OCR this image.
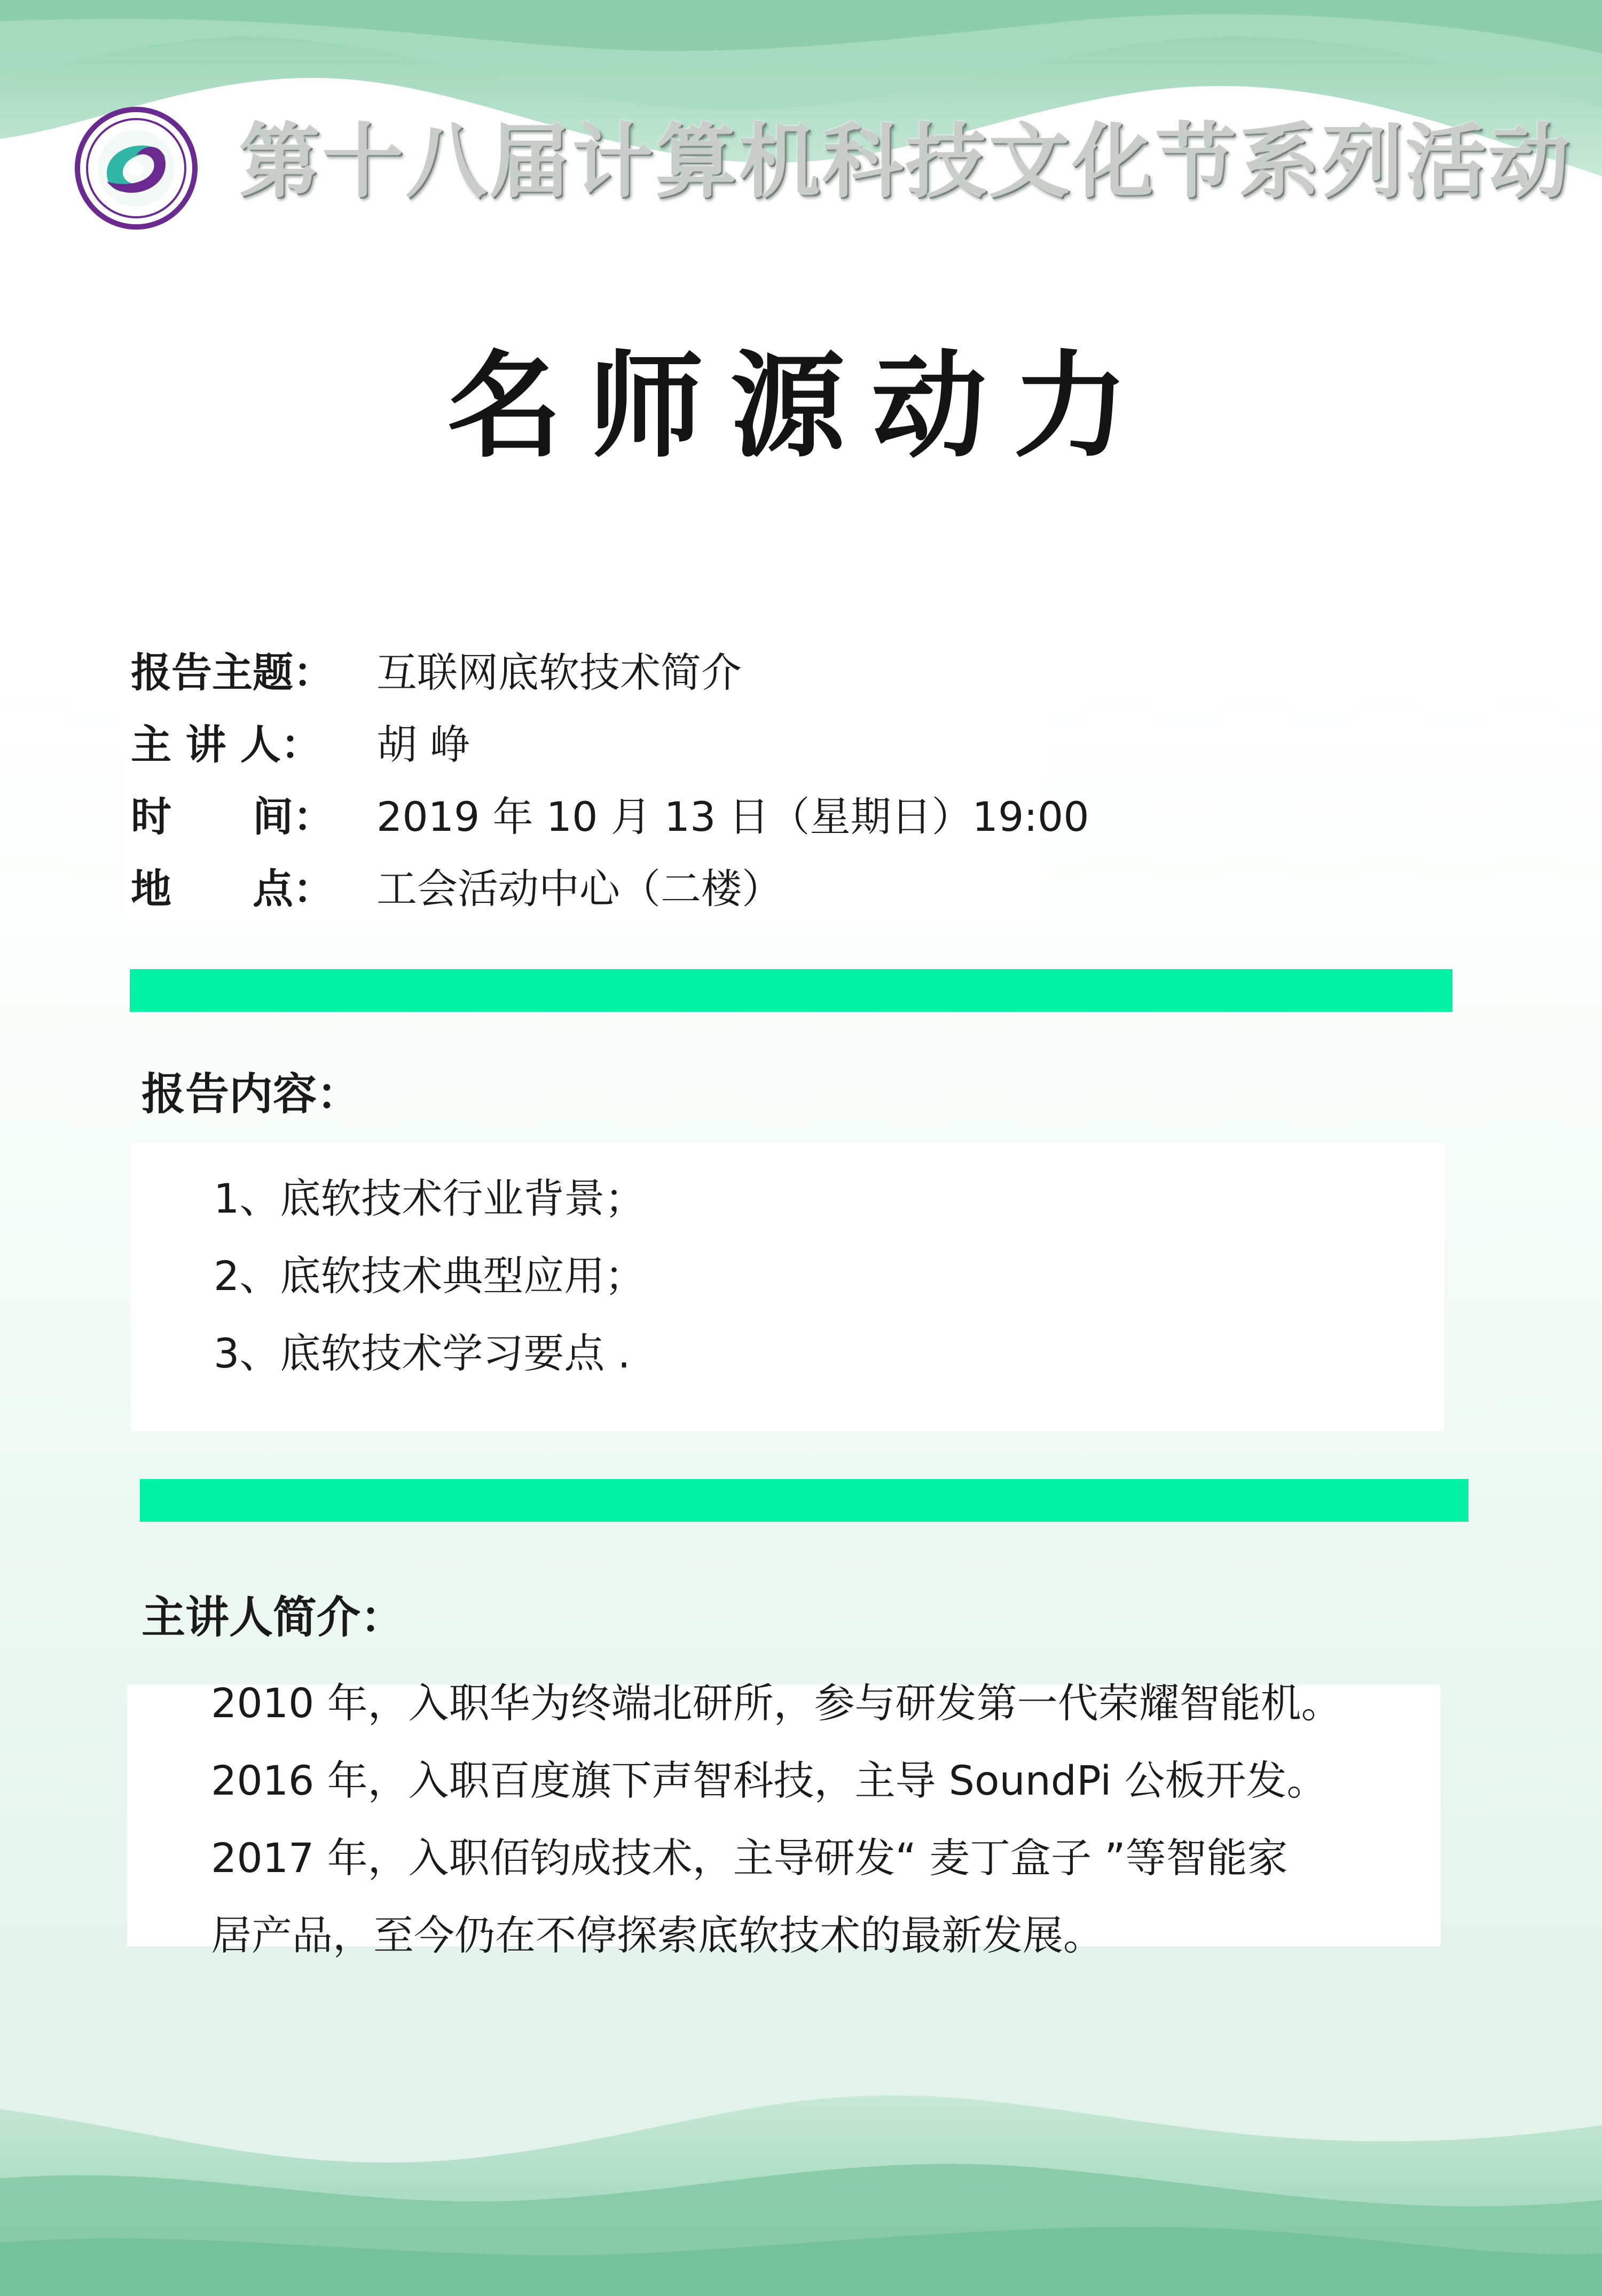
第十八届计算机科技文化节系列活动
名师源动力
报告主题： 互联网底软技术简介
主 讲 人： 胡 峥
时　　间： 2019 年 10 月 13 日（星期日）19:00
地　　点： 工会活动中心（二楼）
报告内容：
1、底软技术行业背景；
2、底软技术典型应用；
3、底软技术学习要点 .
主讲人简介：
2010 年，入职华为终端北研所，参与研发第一代荣耀智能机。
2016 年，入职百度旗下声智科技，主导 SoundPi 公板开发。
2017 年，入职佰钧成技术，主导研发“ 麦丁盒子 ”等智能家
居产品，至今仍在不停探索底软技术的最新发展。
